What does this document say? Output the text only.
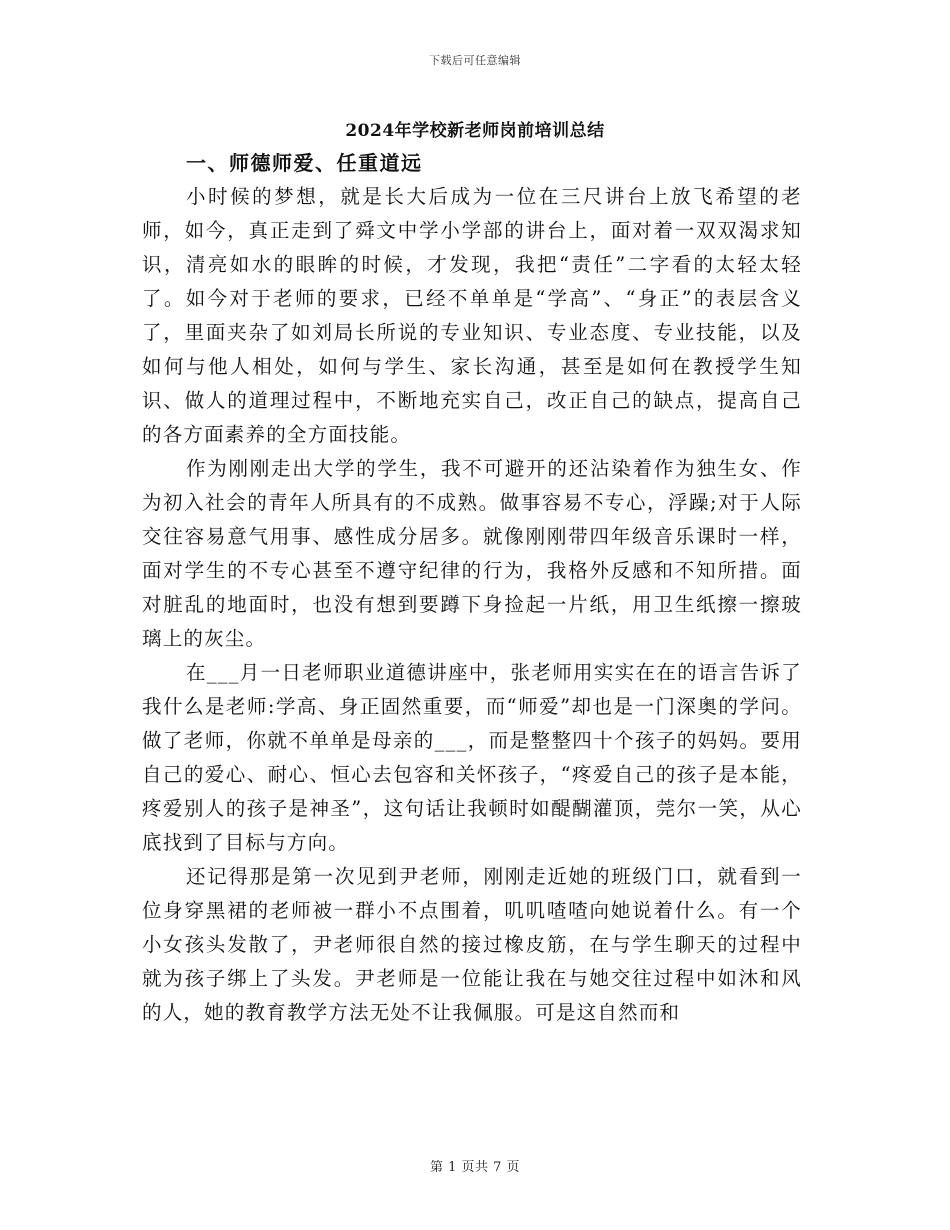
下载后可任意编辑
2024年学校新老师岗前培训总结

一、师德师爱、任重道远

小时候的梦想，就是长大后成为一位在三尺讲台上放飞希望的老师，如今，真正走到了舜文中学小学部的讲台上，面对着一双双渴求知识，清亮如水的眼眸的时候，才发现，我把“责任”二字看的太轻太轻了。如今对于老师的要求，已经不单单是“学高”、“身正”的表层含义了，里面夹杂了如刘局长所说的专业知识、专业态度、专业技能，以及如何与他人相处，如何与学生、家长沟通，甚至是如何在教授学生知识、做人的道理过程中，不断地充实自己，改正自己的缺点，提高自己的各方面素养的全方面技能。

作为刚刚走出大学的学生，我不可避开的还沾染着作为独生女、作为初入社会的青年人所具有的不成熟。做事容易不专心，浮躁;对于人际交往容易意气用事、感性成分居多。就像刚刚带四年级音乐课时一样，面对学生的不专心甚至不遵守纪律的行为，我格外反感和不知所措。面对脏乱的地面时，也没有想到要蹲下身捡起一片纸，用卫生纸擦一擦玻璃上的灰尘。

在___月一日老师职业道德讲座中，张老师用实实在在的语言告诉了我什么是老师:学高、身正固然重要，而“师爱”却也是一门深奥的学问。做了老师，你就不单单是母亲的___，而是整整四十个孩子的妈妈。要用自己的爱心、耐心、恒心去包容和关怀孩子，“疼爱自己的孩子是本能，疼爱别人的孩子是神圣”，这句话让我顿时如醍醐灌顶，莞尔一笑，从心底找到了目标与方向。

还记得那是第一次见到尹老师，刚刚走近她的班级门口，就看到一位身穿黑裙的老师被一群小不点围着，叽叽喳喳向她说着什么。有一个小女孩头发散了，尹老师很自然的接过橡皮筋，在与学生聊天的过程中就为孩子绑上了头发。尹老师是一位能让我在与她交往过程中如沐和风的人，她的教育教学方法无处不让我佩服。可是这自然而和

第 1 页共 7 页
